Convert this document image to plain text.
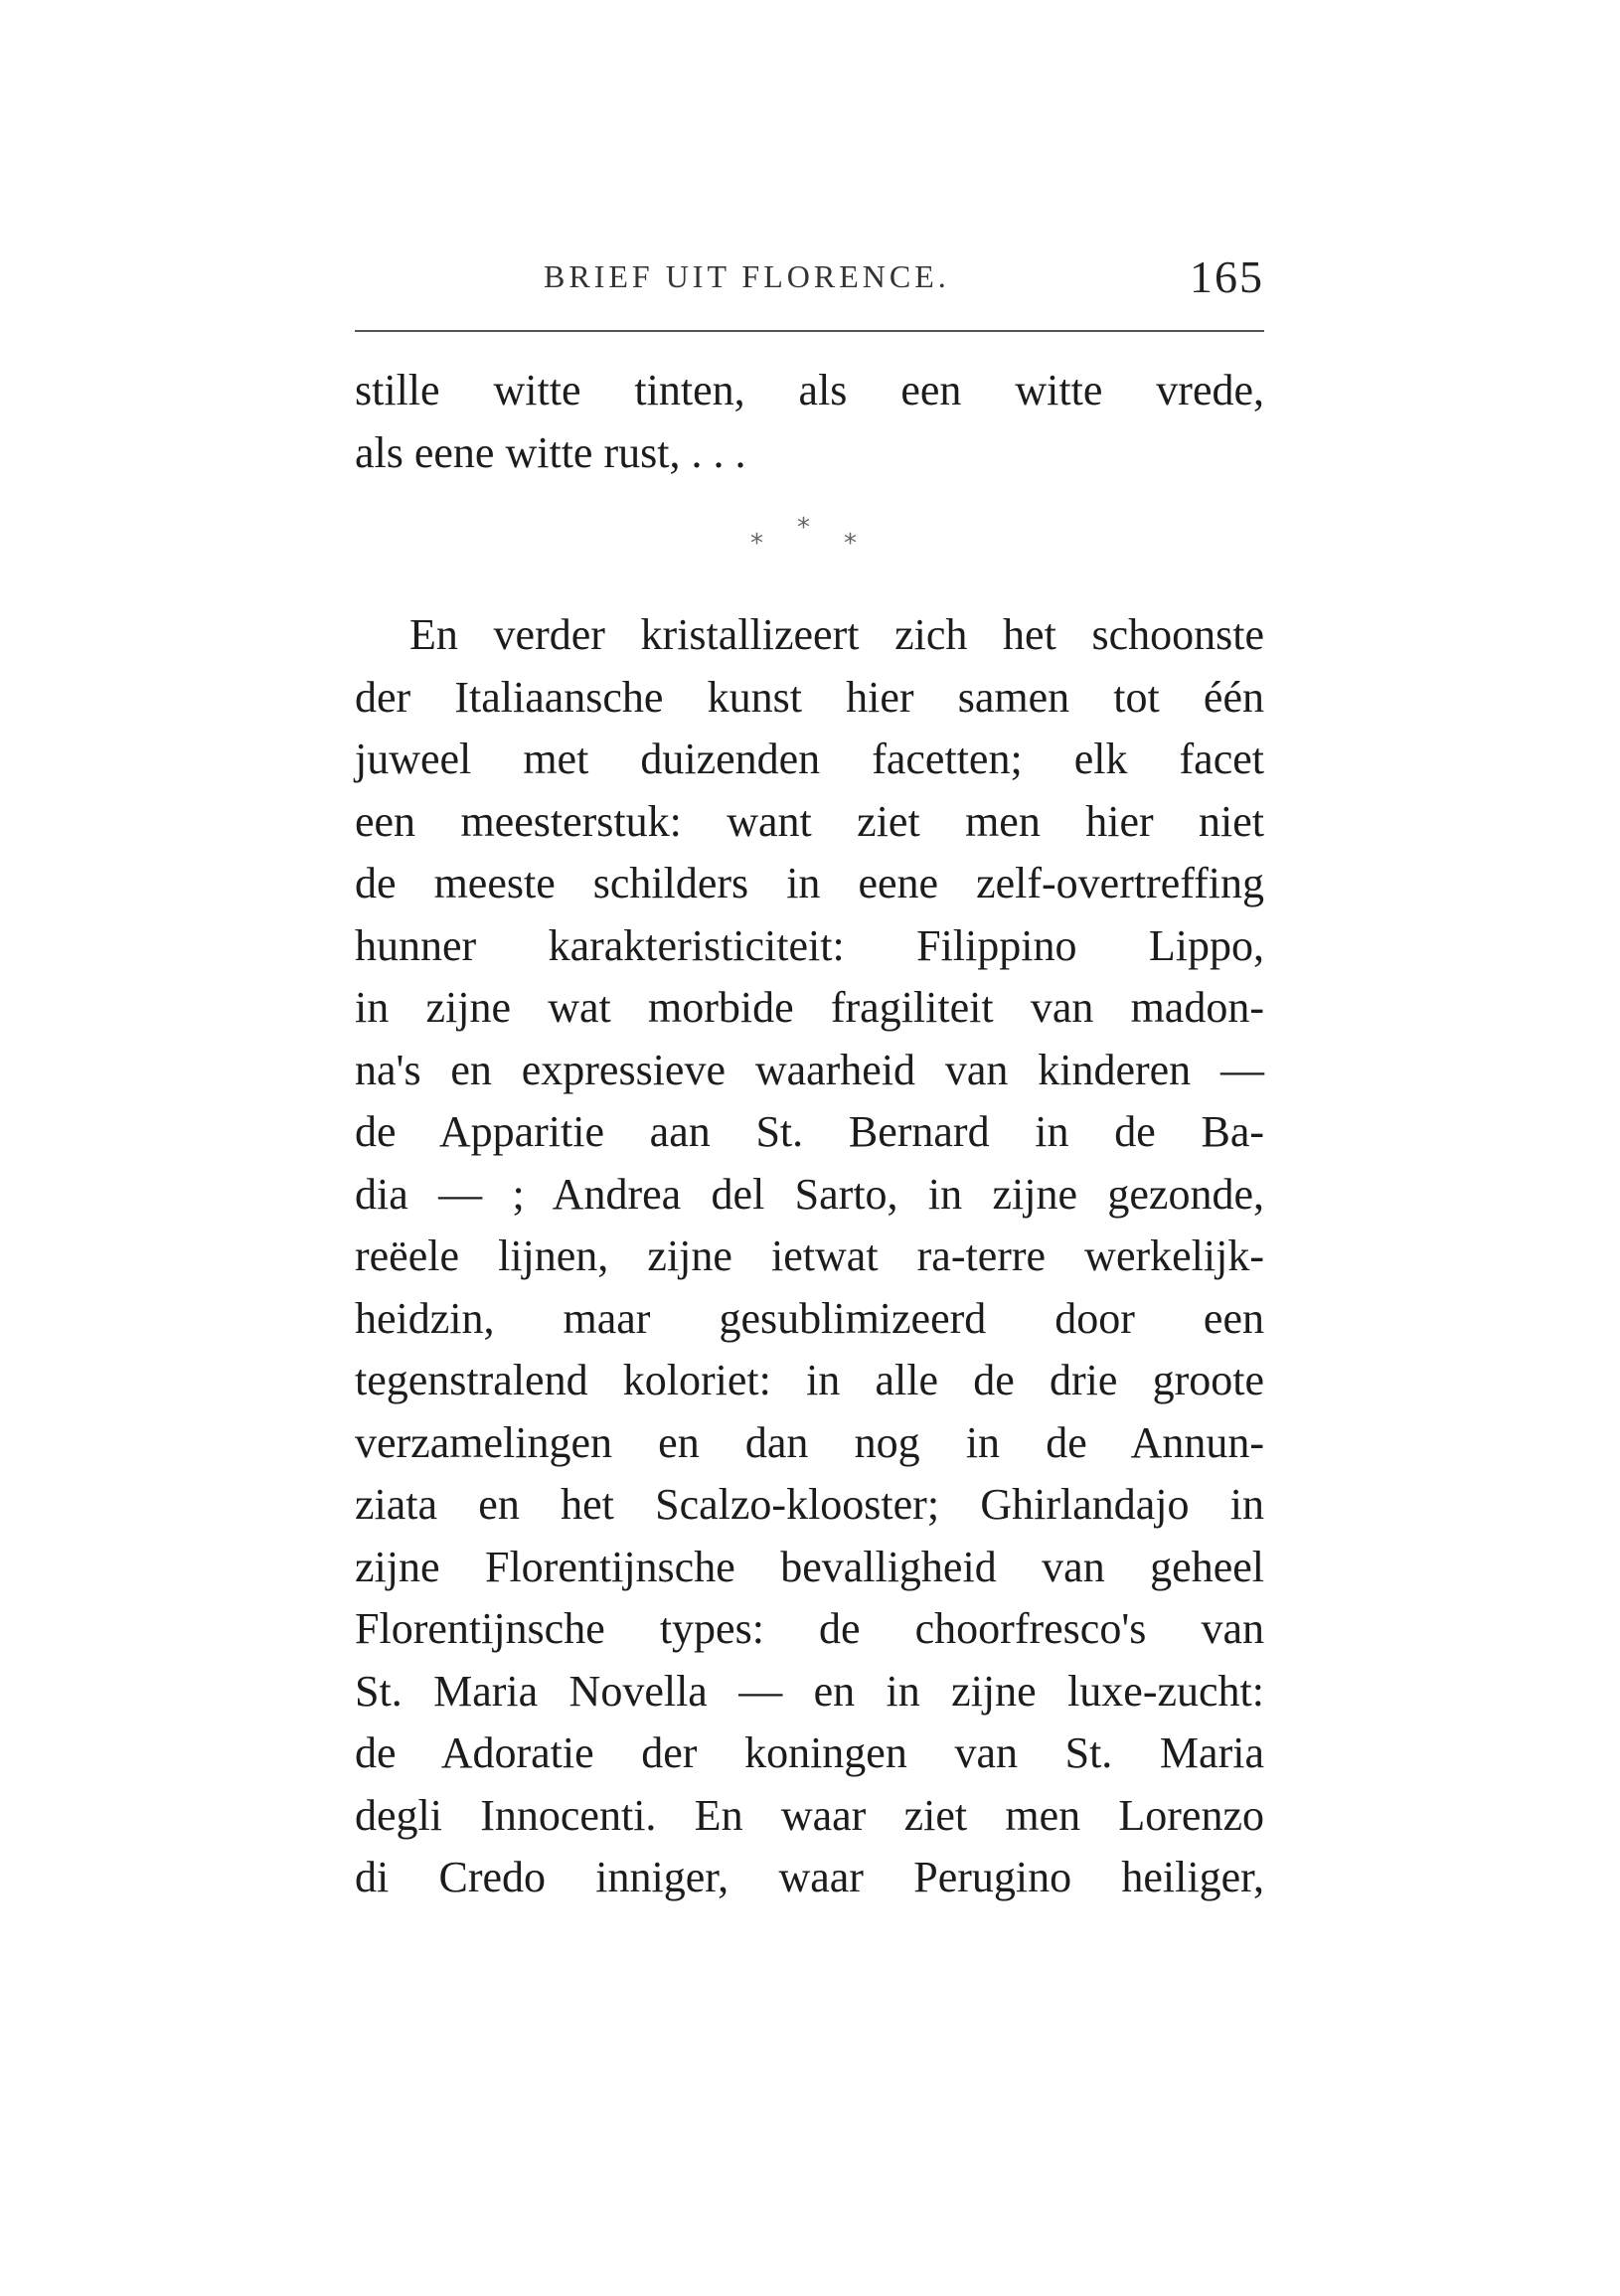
BRIEF UIT FLORENCE.	165
stille witte tinten, als een witte vrede,
als eene witte rust, . . .
*
*
*
En verder kristallizeert zich het schoonste
der Italiaansche kunst hier samen tot één
juweel met duizenden facetten; elk facet
een meesterstuk: want ziet men hier niet
de meeste schilders in eene zelf-overtreffing
hunner karakteristiciteit: Filippino Lippo,
in zijne wat morbide fragiliteit van madon-
na's en expressieve waarheid van kinderen —
de Apparitie aan St. Bernard in de Ba-
dia — ; Andrea del Sarto, in zijne gezonde,
reëele lijnen, zijne ietwat ra-terre werkelijk-
heidzin, maar gesublimizeerd door een
tegenstralend koloriet: in alle de drie groote
verzamelingen en dan nog in de Annun-
ziata en het Scalzo-klooster; Ghirlandajo in
zijne Florentijnsche bevalligheid van geheel
Florentijnsche types: de choorfresco's van
St. Maria Novella — en in zijne luxe-zucht:
de Adoratie der koningen van St. Maria
degli Innocenti. En waar ziet men Lorenzo
di Credo inniger, waar Perugino heiliger,
